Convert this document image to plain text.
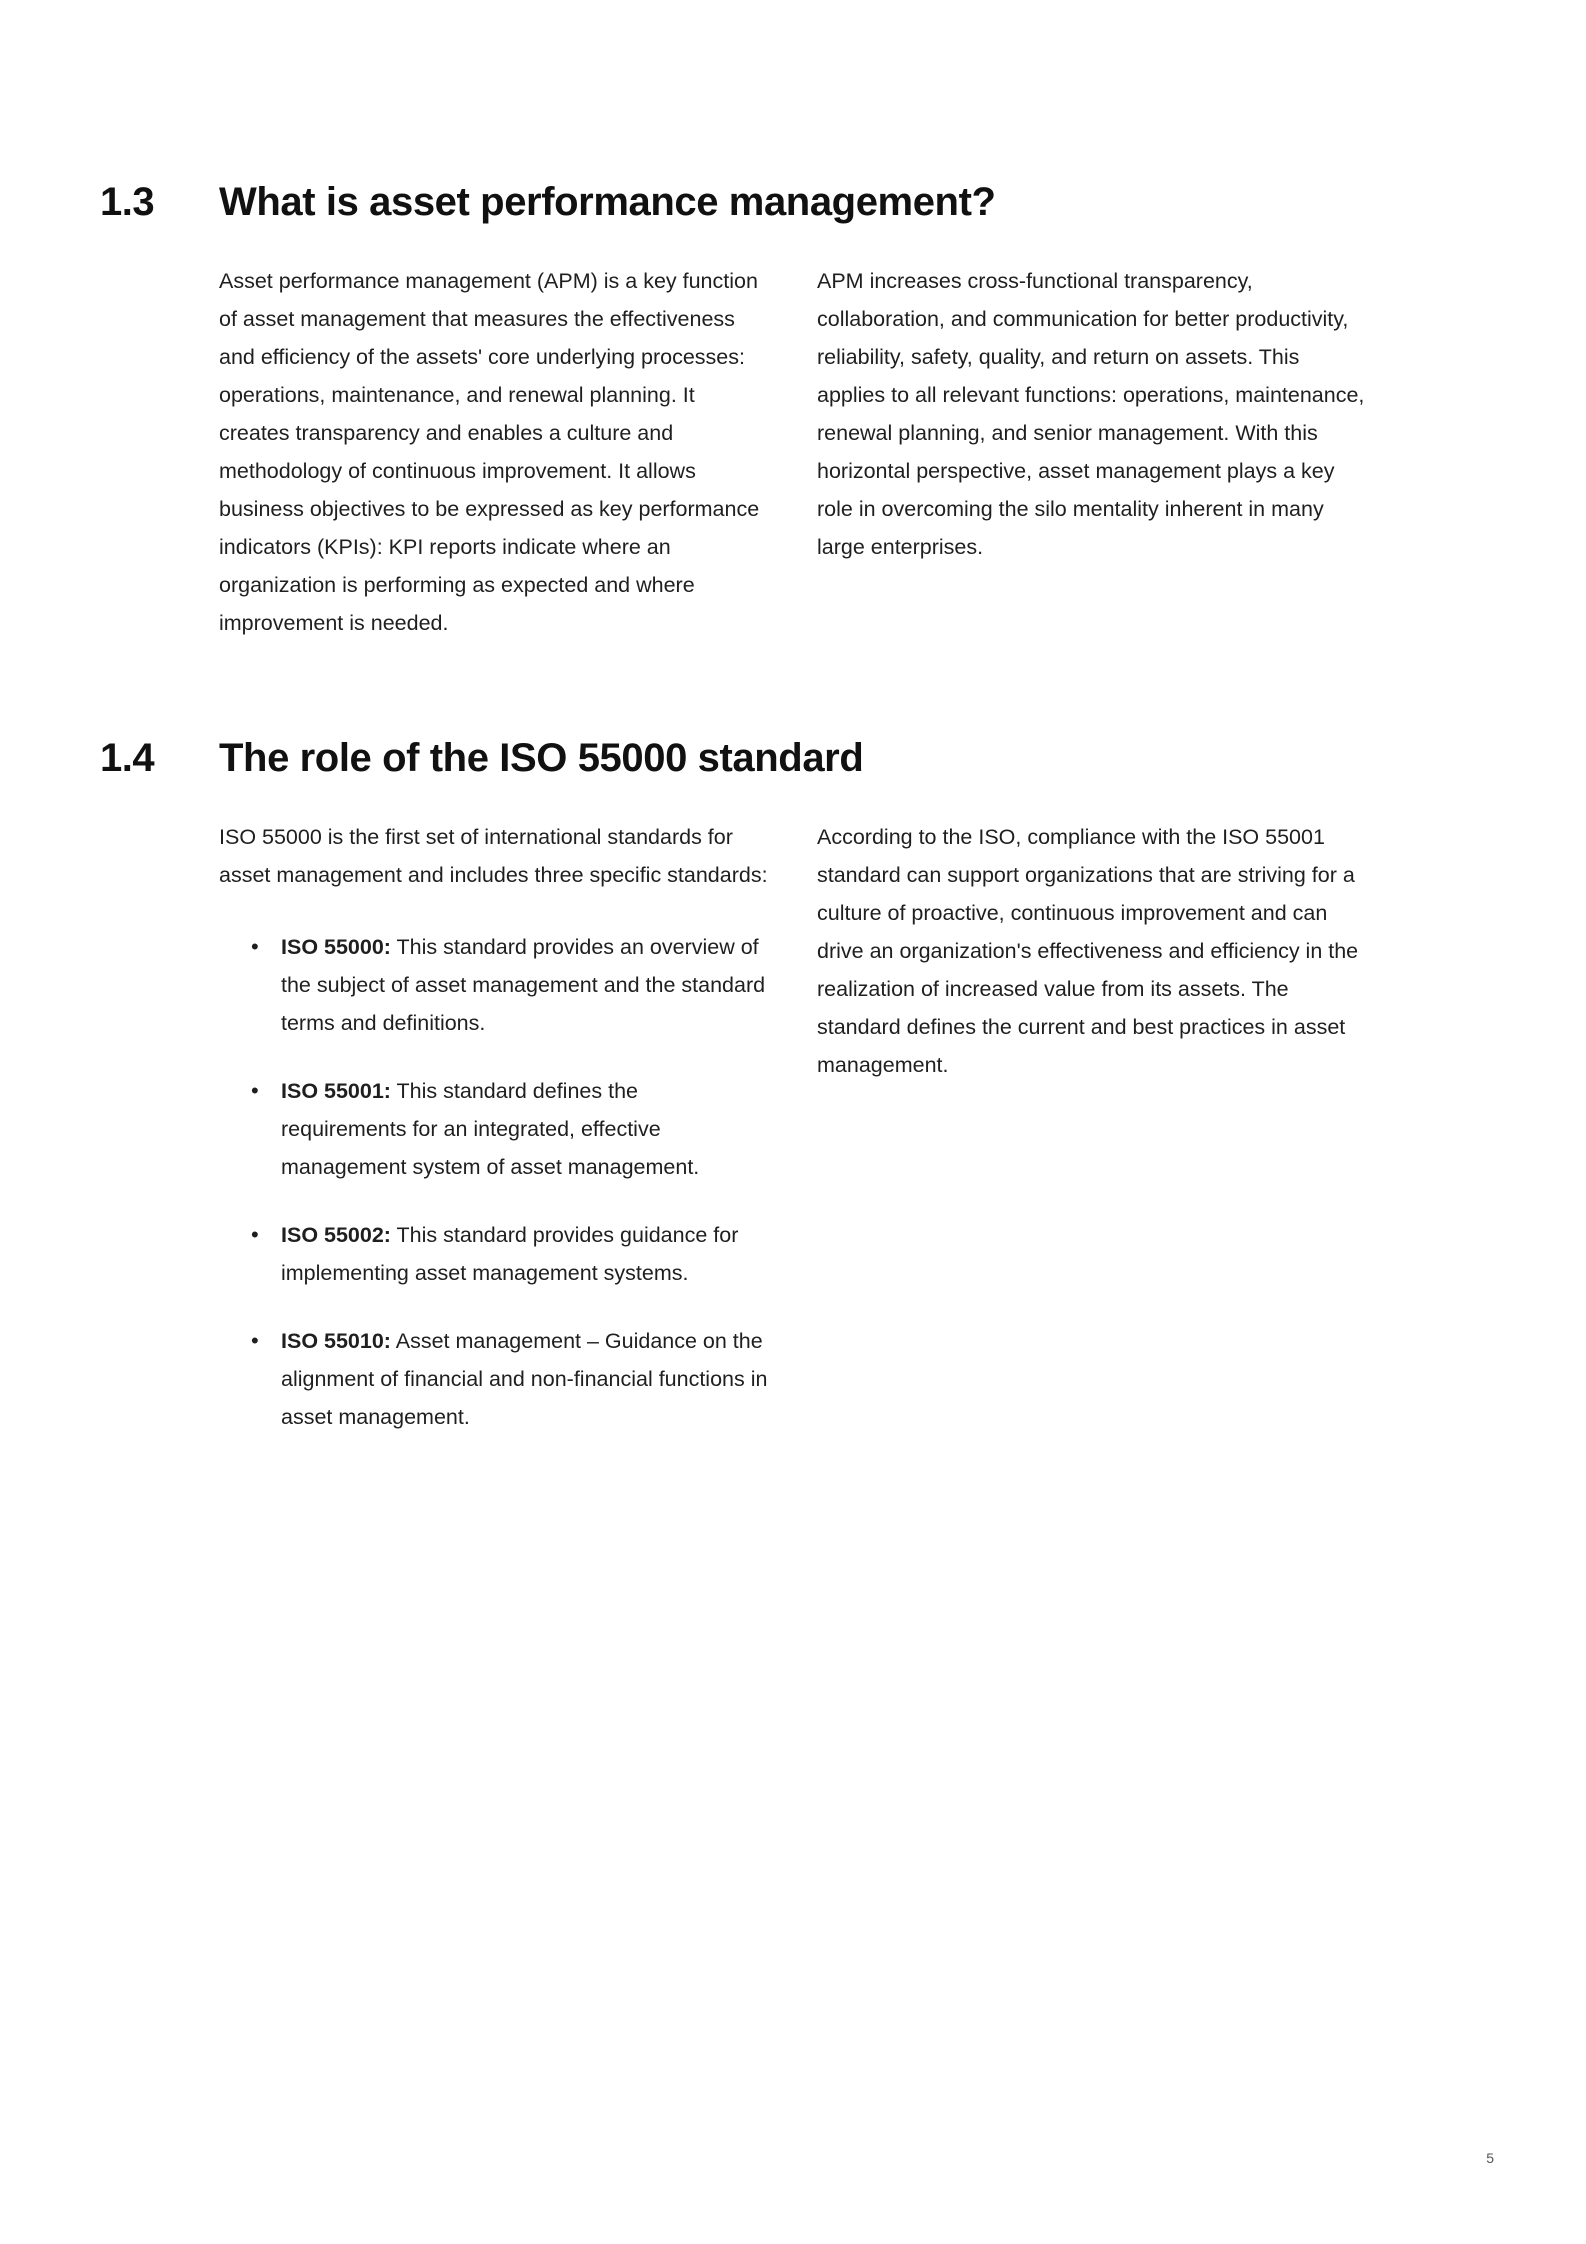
1.3	What is asset performance management?

Asset performance management (APM) is a key function of asset management that measures the effectiveness and efficiency of the assets' core underlying processes: operations, maintenance, and renewal planning. It creates transparency and enables a culture and methodology of continuous improvement. It allows business objectives to be expressed as key performance indicators (KPIs): KPI reports indicate where an organization is performing as expected and where improvement is needed.

APM increases cross-functional transparency, collaboration, and communication for better productivity, reliability, safety, quality, and return on assets. This applies to all relevant functions: operations, maintenance, renewal planning, and senior management. With this horizontal perspective, asset management plays a key role in overcoming the silo mentality inherent in many large enterprises.

1.4	The role of the ISO 55000 standard

ISO 55000 is the first set of international standards for asset management and includes three specific standards:

• ISO 55000: This standard provides an overview of the subject of asset management and the standard terms and definitions.
• ISO 55001: This standard defines the requirements for an integrated, effective management system of asset management.
• ISO 55002: This standard provides guidance for implementing asset management systems.
• ISO 55010: Asset management – Guidance on the alignment of financial and non-financial functions in asset management.

According to the ISO, compliance with the ISO 55001 standard can support organizations that are striving for a culture of proactive, continuous improvement and can drive an organization's effectiveness and efficiency in the realization of increased value from its assets. The standard defines the current and best practices in asset management.

5
